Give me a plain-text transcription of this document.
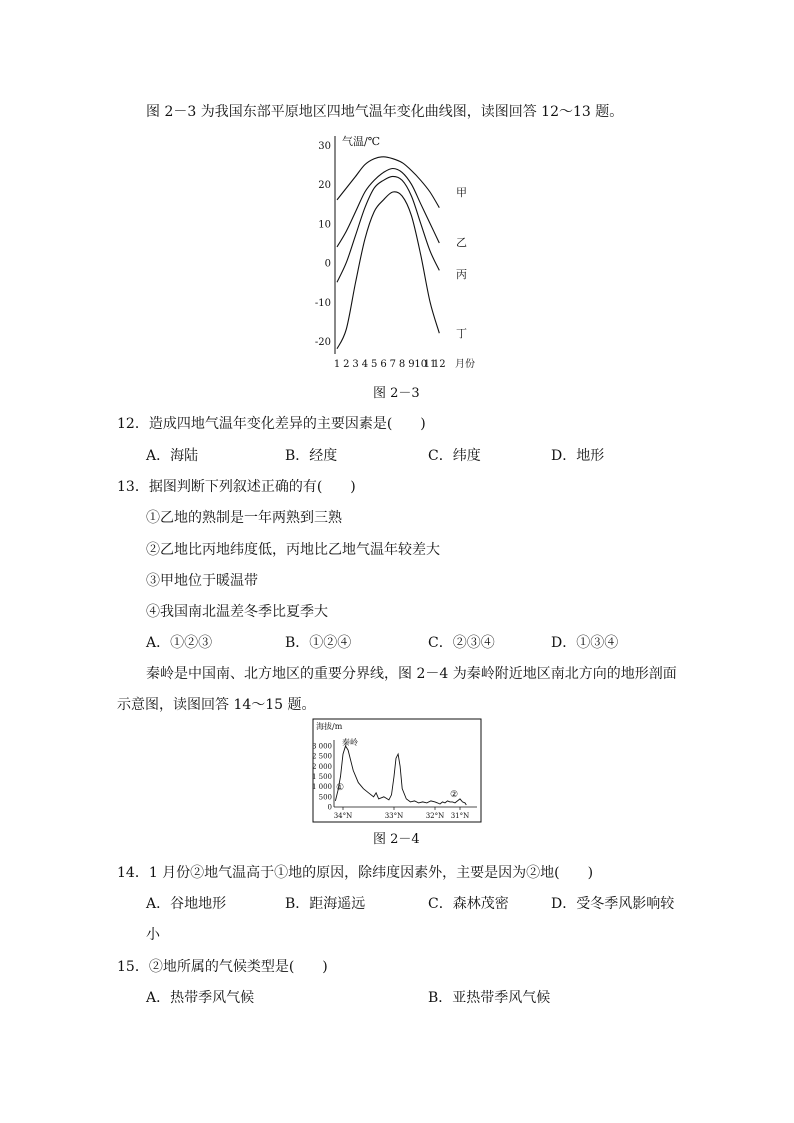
图 2－3 为我国东部平原地区四地气温年变化曲线图，读图回答 12～13 题。
30
20
10
0
-10
-20
气温/℃
甲
乙
丙
丁
1 2 3 4 5 6 7 8 9 10
11
12 月份
图 2－3
12．造成四地气温年变化差异的主要因素是(　　)
A．海陆	B．经度	C．纬度	D．地形
13．据图判断下列叙述正确的有(　　)
①乙地的熟制是一年两熟到三熟
②乙地比丙地纬度低，丙地比乙地气温年较差大
③甲地位于暖温带
④我国南北温差冬季比夏季大
A．①②③	B．①②④	C．②③④	D．①③④
秦岭是中国南、北方地区的重要分界线，图 2－4 为秦岭附近地区南北方向的地形剖面
示意图，读图回答 14～15 题。
海拔/m
3 000
2 500
2 000
1 500
1 000
500
0
34°N	33°N	32°N 31°N
秦岭
①
②
图 2－4
14．1 月份②地气温高于①地的原因，除纬度因素外，主要是因为②地(　　)
A．谷地地形	B．距海遥远	C．森林茂密	D．受冬季风影响较
小
15．②地所属的气候类型是(　　)
A．热带季风气候	B．亚热带季风气候
